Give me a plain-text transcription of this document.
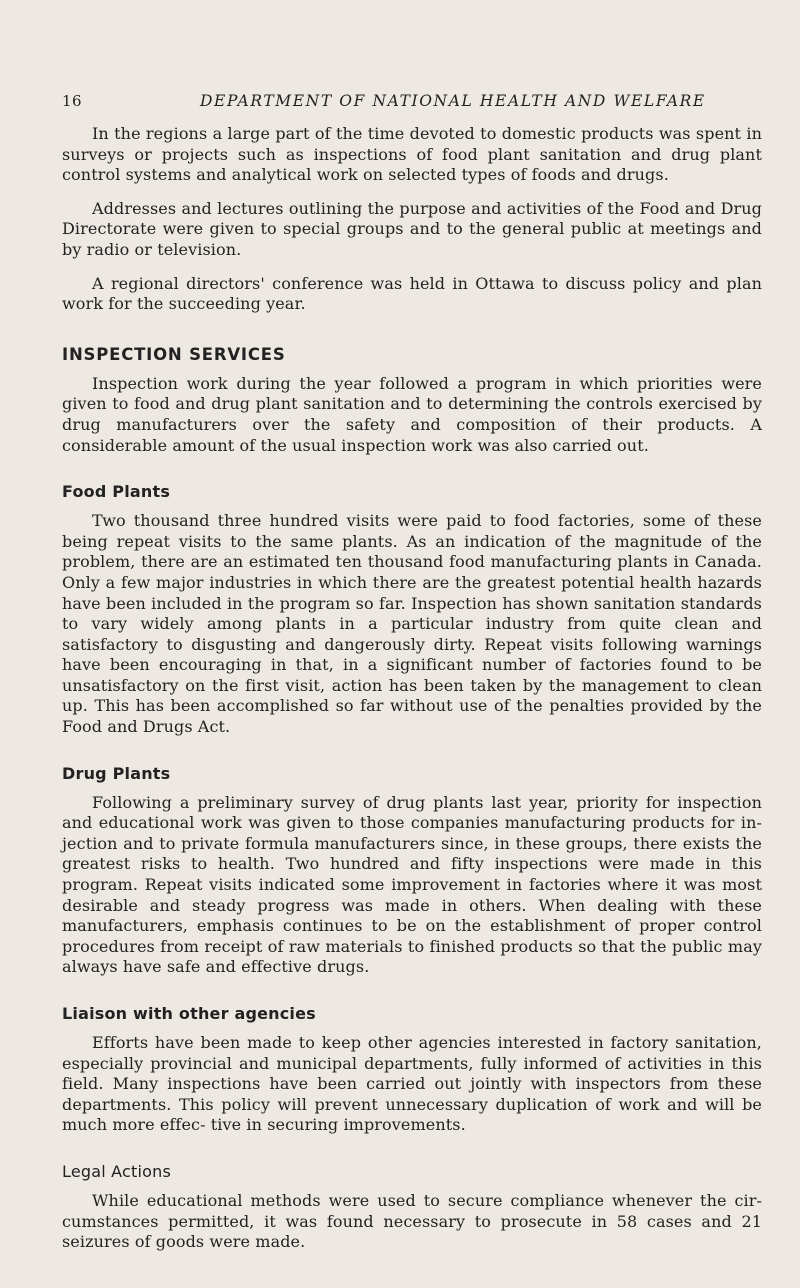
16	DEPARTMENT OF NATIONAL HEALTH AND WELFARE

In the regions a large part of the time devoted to domestic products was spent in surveys or projects such as inspections of food plant sanitation and drug plant control systems and analytical work on selected types of foods and drugs.

Addresses and lectures outlining the purpose and activities of the Food and Drug Directorate were given to special groups and to the general public at meetings and by radio or television.

A regional directors' conference was held in Ottawa to discuss policy and plan work for the succeeding year.

INSPECTION SERVICES

Inspection work during the year followed a program in which priorities were given to food and drug plant sanitation and to determining the controls exercised by drug manufacturers over the safety and composition of their products. A considerable amount of the usual inspection work was also carried out.

Food Plants

Two thousand three hundred visits were paid to food factories, some of these being repeat visits to the same plants. As an indication of the magnitude of the problem, there are an estimated ten thousand food manufacturing plants in Canada. Only a few major industries in which there are the greatest potential health hazards have been included in the program so far. Inspection has shown sanitation standards to vary widely among plants in a particular industry from quite clean and satisfactory to disgusting and dangerously dirty. Repeat visits following warnings have been encouraging in that, in a significant number of factories found to be unsatisfactory on the first visit, action has been taken by the management to clean up. This has been accomplished so far without use of the penalties provided by the Food and Drugs Act.

Drug Plants

Following a preliminary survey of drug plants last year, priority for inspection and educational work was given to those companies manufacturing products for in- jection and to private formula manufacturers since, in these groups, there exists the greatest risks to health. Two hundred and fifty inspections were made in this program. Repeat visits indicated some improvement in factories where it was most desirable and steady progress was made in others. When dealing with these manufacturers, emphasis continues to be on the establishment of proper control procedures from receipt of raw materials to finished products so that the public may always have safe and effective drugs.

Liaison with other agencies

Efforts have been made to keep other agencies interested in factory sanitation, especially provincial and municipal departments, fully informed of activities in this field. Many inspections have been carried out jointly with inspectors from these departments. This policy will prevent unnecessary duplication of work and will be much more effec- tive in securing improvements.

Legal Actions

While educational methods were used to secure compliance whenever the cir- cumstances permitted, it was found necessary to prosecute in 58 cases and 21 seizures of goods were made.
